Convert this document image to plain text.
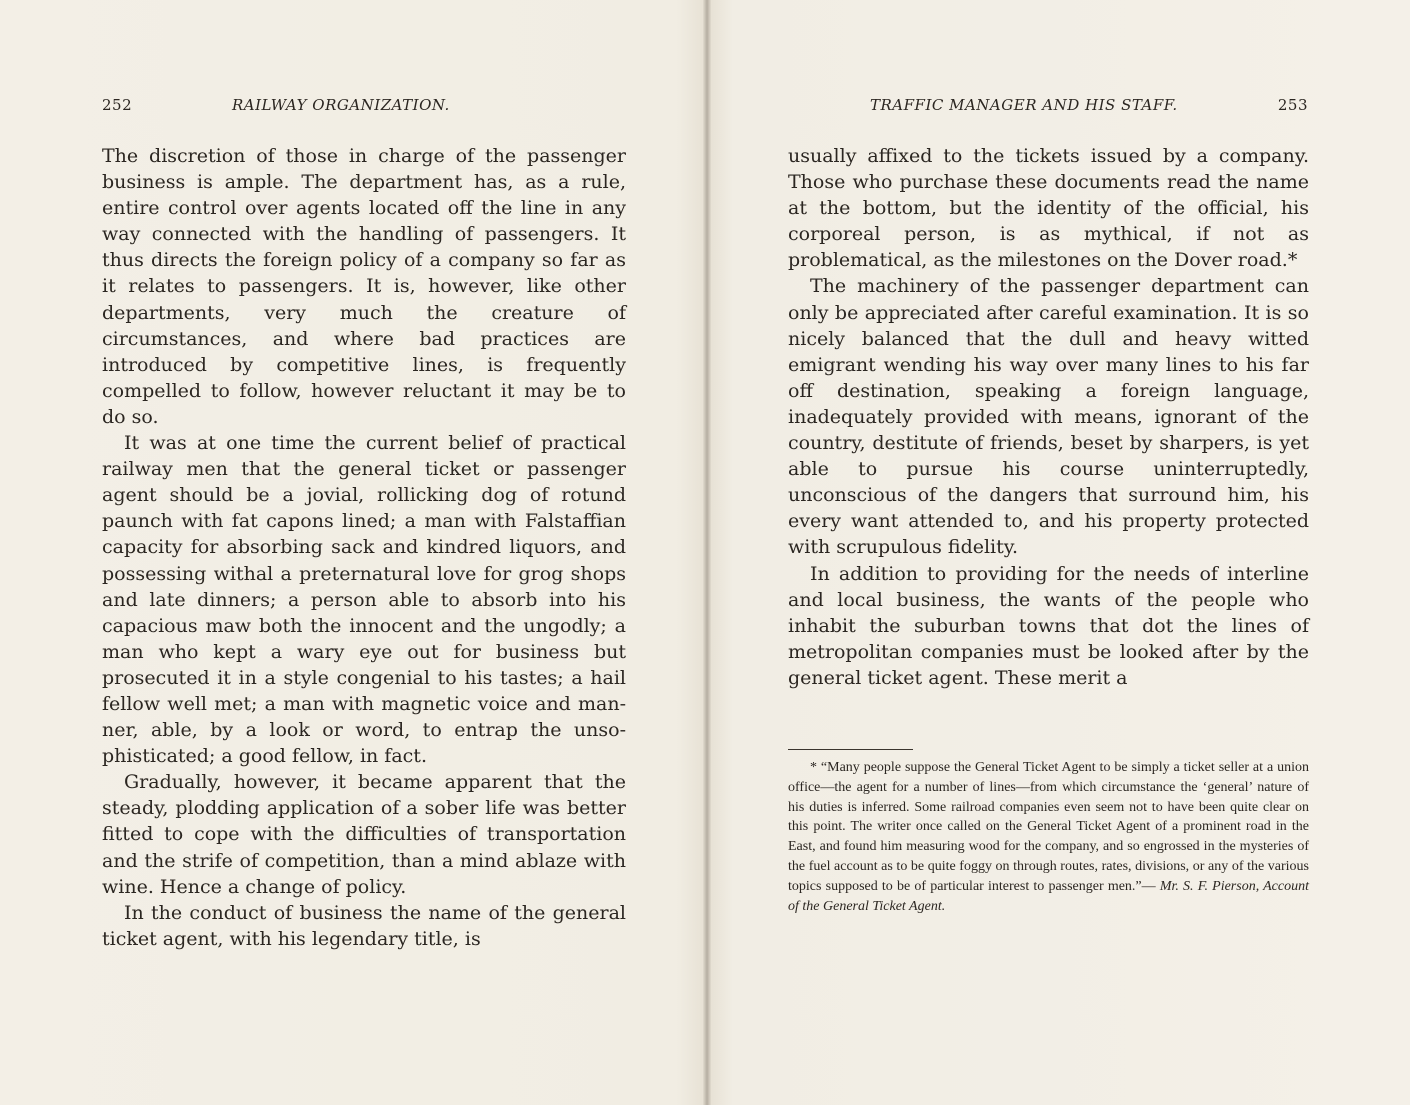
252	RAILWAY ORGANIZATION.

The discretion of those in charge of the passenger business is ample. The department has, as a rule, entire control over agents located off the line in any way connected with the handling of passengers. It thus directs the foreign policy of a company so far as it relates to passengers. It is, however, like other departments, very much the creature of circumstances, and where bad practices are introduced by competitive lines, is frequently compelled to follow, however reluctant it may be to do so.

It was at one time the current belief of practical railway men that the general ticket or passenger agent should be a jovial, rollicking dog of rotund paunch with fat capons lined; a man with Falstaffian capacity for absorbing sack and kindred liquors, and possessing withal a preternatural love for grog shops and late dinners; a person able to absorb into his capacious maw both the innocent and the ungodly; a man who kept a wary eye out for business but prosecuted it in a style congenial to his tastes; a hail fellow well met; a man with magnetic voice and manner, able, by a look or word, to entrap the unsophisticated; a good fellow, in fact.

Gradually, however, it became apparent that the steady, plodding application of a sober life was better fitted to cope with the difficulties of transportation and the strife of competition, than a mind ablaze with wine. Hence a change of policy.

In the conduct of business the name of the general ticket agent, with his legendary title, is

TRAFFIC MANAGER AND HIS STAFF.	253

usually affixed to the tickets issued by a company. Those who purchase these documents read the name at the bottom, but the identity of the official, his corporeal person, is as mythical, if not as problematical, as the milestones on the Dover road.*

The machinery of the passenger department can only be appreciated after careful examination. It is so nicely balanced that the dull and heavy witted emigrant wending his way over many lines to his far off destination, speaking a foreign language, inadequately provided with means, ignorant of the country, destitute of friends, beset by sharpers, is yet able to pursue his course uninterruptedly, unconscious of the dangers that surround him, his every want attended to, and his property protected with scrupulous fidelity.

In addition to providing for the needs of interline and local business, the wants of the people who inhabit the suburban towns that dot the lines of metropolitan companies must be looked after by the general ticket agent. These merit a

* “Many people suppose the General Ticket Agent to be simply a ticket seller at a union office—the agent for a number of lines—from which circumstance the ‘general’ nature of his duties is inferred. Some railroad companies even seem not to have been quite clear on this point. The writer once called on the General Ticket Agent of a prominent road in the East, and found him measuring wood for the company, and so engrossed in the mysteries of the fuel account as to be quite foggy on through routes, rates, divisions, or any of the various topics supposed to be of particular interest to passenger men.”— Mr. S. F. Pierson, Account of the General Ticket Agent.
